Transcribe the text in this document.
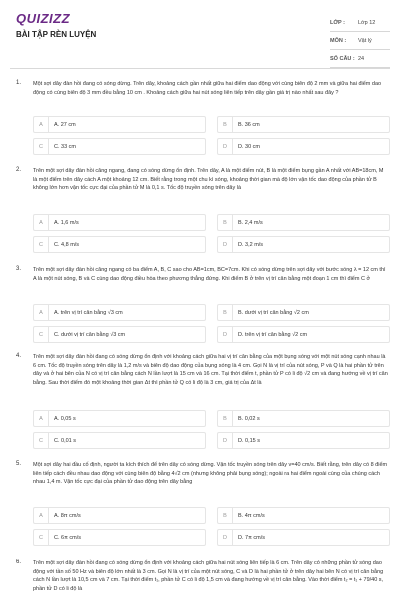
QUIZIZZ
BÀI TẬP RÈN LUYỆN
LỚP :	Lớp 12
MÔN :	Vật lý
SỐ CÂU : 24
1.	Một sợi dây đàn hồi đang có sóng dừng. Trên dây, khoảng cách gần nhất giữa hai điểm dao động với cùng biên độ 2 mm và giữa hai điểm dao động có cùng biên độ 3 mm đều bằng 10 cm . Khoảng cách giữa hai nút sóng liên tiếp trên dây gần giá trị nào nhất sau đây ?
A	A. 27 cm	B	B. 36 cm
C	C. 33 cm	D	D. 30 cm
2.	Trên một sợi dây đàn hồi căng ngang, đang có sóng dừng ổn định. Trên dây, A là một điểm nút, B là một điểm bụng gần A nhất với AB=18cm, M là một điểm trên dây cách A một khoảng 12 cm. Biết rằng trong một chu kì sóng, khoảng thời gian mà độ lớn vận tốc dao động của phần tử B không lớn hơn vận tốc cực đại của phần tử M là 0,1 s. Tốc độ truyền sóng trên dây là
A	A. 1,6 m/s	B	B. 2,4 m/s
C	C. 4,8 m/s	D	D. 3,2 m/s
3.	Trên một sợi dây đàn hồi căng ngang có ba điểm A, B, C sao cho AB=1cm, BC=7cm. Khi có sóng dừng trên sợi dây với bước sóng λ = 12 cm thì A là một nút sóng, B và C cùng dao động điều hòa theo phương thẳng đứng. Khi điểm B ở trên vị trí cân bằng một đoạn 1 cm thì điểm C ở
A	A. trên vị trí cân bằng √3 cm	B	B. dưới vị trí cân bằng √2 cm
C	C. dưới vị trí cân bằng √3 cm	D	D. trên vị trí cân bằng √2 cm
4.	Trên một sợi dây đàn hồi đang có sóng dừng ổn định với khoảng cách giữa hai vị trí cân bằng của một bụng sóng với một nút sóng cạnh nhau là 6 cm. Tốc độ truyền sóng trên dây là 1,2 m/s và biên độ dao động của bụng sóng là 4 cm. Gọi N là vị trí của nút sóng, P và Q là hai phần tử trên dây và ở hai bên của N có vị trí cân bằng cách N lần lượt là 15 cm và 16 cm. Tại thời điểm t, phần tử P có li độ √2 cm và đang hướng về vị trí cân bằng. Sau thời điểm đó một khoảng thời gian Δt thì phần tử Q có li độ là 3 cm, giá trị của Δt là
A	A. 0,05 s	B	B. 0,02 s
C	C. 0,01 s	D	D. 0,15 s
5.	Một sợi dây hai đầu cố định, người ta kích thích để trên dây có sóng dừng. Vận tốc truyền sóng trên dây v=40 cm/s. Biết rằng, trên dây có 8 điểm liên tiếp cách đều nhau dao động với cùng biên độ bằng 4√2 cm (nhưng không phải bụng sóng); ngoài ra hai điểm ngoài cùng của chúng cách nhau 1,4 m. Vận tốc cực đại của phần tử dao động trên dây bằng
A	A. 8π cm/s	B	B. 4π cm/s
C	C. 6π cm/s	D	D. 7π cm/s
6.	Trên một sợi dây đàn hồi đang có sóng dừng ổn định với khoảng cách giữa hai nút sóng liên tiếp là 6 cm. Trên dây có những phần tử sóng dao động với tần số 50 Hz và biên độ lớn nhất là 3 cm. Gọi N là vị trí của một nút sóng, C và D là hai phần tử ở trên dây hai bên N có vị trí cân bằng cách N lần lượt là 10,5 cm và 7 cm. Tại thời điểm t₁, phần tử C có li độ 1,5 cm và đang hướng về vị trí cân bằng. Vào thời điểm t₂ = t₁ + 79/40 s, phần tử D có li độ là
